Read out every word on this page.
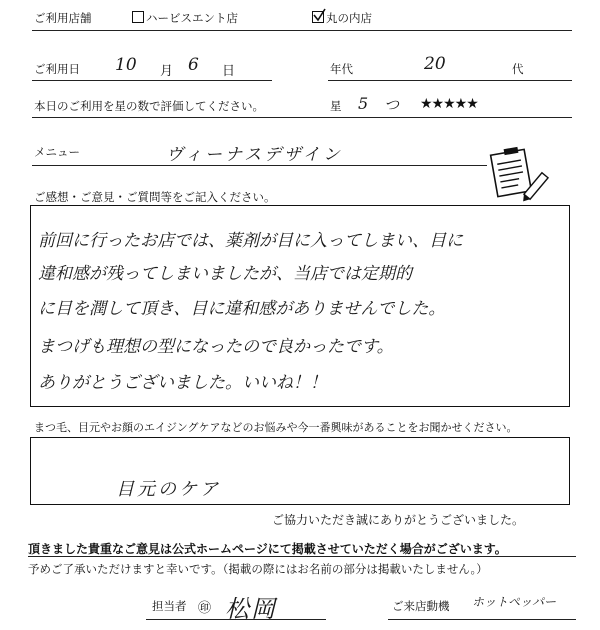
ご利用店舗	ハービスエント店	丸の内店
ご利用日 10 月 6 日	年代	20	代
本日のご利用を星の数で評価してください。	星 5 つ ★★★★★
メニュー	ヴィーナスデザイン
ご感想・ご意見・ご質問等をご記入ください。
前回に行ったお店では、薬剤が目に入ってしまい、目に
違和感が残ってしまいましたが、当店では定期的
に目を潤して頂き、目に違和感がありませんでした。
まつげも理想の型になったので良かったです。
ありがとうございました。いいね！！
まつ毛、目元やお顔のエイジングケアなどのお悩みや今一番興味があることをお聞かせください。
目元のケア
ご協力いただき誠にありがとうございました。
頂きました貴重なご意見は公式ホームページにて掲載させていただく場合がございます。
予めご了承いただけますと幸いです。（掲載の際にはお名前の部分は掲載いたしません。）
担当者 ㊞ 松岡	ご来店動機 ホットペッパー
